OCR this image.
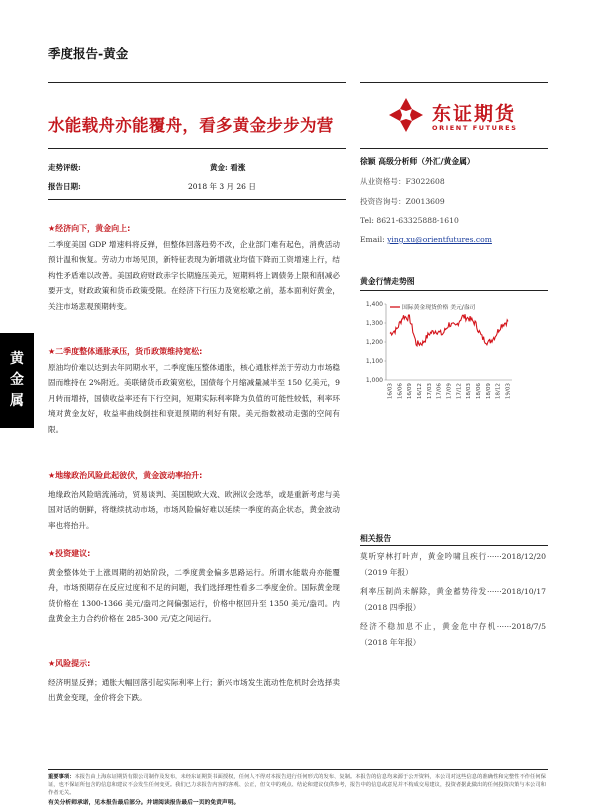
季度报告-黄金
水能载舟亦能覆舟，看多黄金步步为营
东证期货
ORIENT FUTURES
走势评级:	黄金: 看涨
报告日期:	2018 年 3 月 26 日
黄
金
属
★经济向下，黄金向上:
二季度美国 GDP 增速料将反弹，但整体回落趋势不改，企业部门难有起色，消费活动预计温和恢复。劳动力市场见顶，新特征表现为新增就业均值下降而工资增速上行，结构性矛盾难以改善。美国政府财政赤字长期施压美元，短期料将上调债务上限和削减必要开支，财政政策和货币政策受限。在经济下行压力及宽松歇之前，基本面利好黄金，关注市场悲观预期转变。
★二季度整体通胀承压，货币政策维持宽松:
原油均价难以达到去年同期水平，二季度施压整体通胀，核心通胀样羔于劳动力市场稳固而维持在 2%附近。美联储货币政策宽松，国债每个月缩减量减半至 150 亿美元，9 月转而增持，国债收益率还有下行空间，短期实际利率降为负值的可能性较低，利率环境对黄金友好，收益率曲线倒挂和衰退预期的利好有限。美元指数被动走强的空间有限。
★地缘政治风险此起彼伏，黄金波动率抬升:
地缘政治风险暗流涌动，贸易谈判、美国脱欧大戏、欧洲议会选举，或是重新考虑与美国对话的朝鲜，将继续扰动市场，市场风险偏好难以延续一季度的高企状态，黄金波动率也将抬升。
★投资建议:
黄金整体处于上涨周期的初始阶段，二季度黄金偏多思路运行。所谓水能载舟亦能覆舟，市场预期存在反应过度和不足的问题，我们选择理性看多二季度金价。国际黄金现货价格在 1300-1366 美元/盎司之间偏强运行，价格中枢回升至 1350 美元/盎司。内盘黄金主力合约价格在 285-300 元/克之间运行。
★风险提示:
经济明显反弹；通胀大幅回落引起实际利率上行；新兴市场发生流动性危机时会选择卖出黄金变现，金价将会下跌。
徐颖 高级分析师（外汇/黄金属）
从业资格号：F3022608
投资咨询号：Z0013609
Tel: 8621-63325888-1610
Email: ying.xu@orientfutures.com
黄金行情走势图
1,000
1,100
1,200
1,300
1,400
16/03 16/06 16/09 16/12 17/03 17/06 17/09 17/12 18/03 18/06 18/09 18/12 19/03
国际黄金现货价格 美元/盎司
相关报告
莫听穿林打叶声，黄金吟啸且疾行······2018/12/20（2019 年报）
利率压制尚未解除，黄金蓄势待发······2018/10/17（2018 四季报）
经济不稳加息不止，黄金危中存机······2018/7/5（2018 年年报）
重要事项：本报告由上海东证期货有限公司制作及发布，未经东证期货书面授权，任何人不得对本报告进行任何形式的发布、复制。本报告的信息均来源于公开资料，本公司对这些信息的准确性和完整性不作任何保证，也不保证所包含的信息和建议不会发生任何变更。我们已力求报告内容的客观、公正，但文中的观点、结论和建议仅供参考，报告中的信息或意见并不构成交易建议，投资者据此做出的任何投资决策与本公司和作者无关。
有关分析师承诺，见本报告最后部分。并请阅读报告最后一页的免责声明。
